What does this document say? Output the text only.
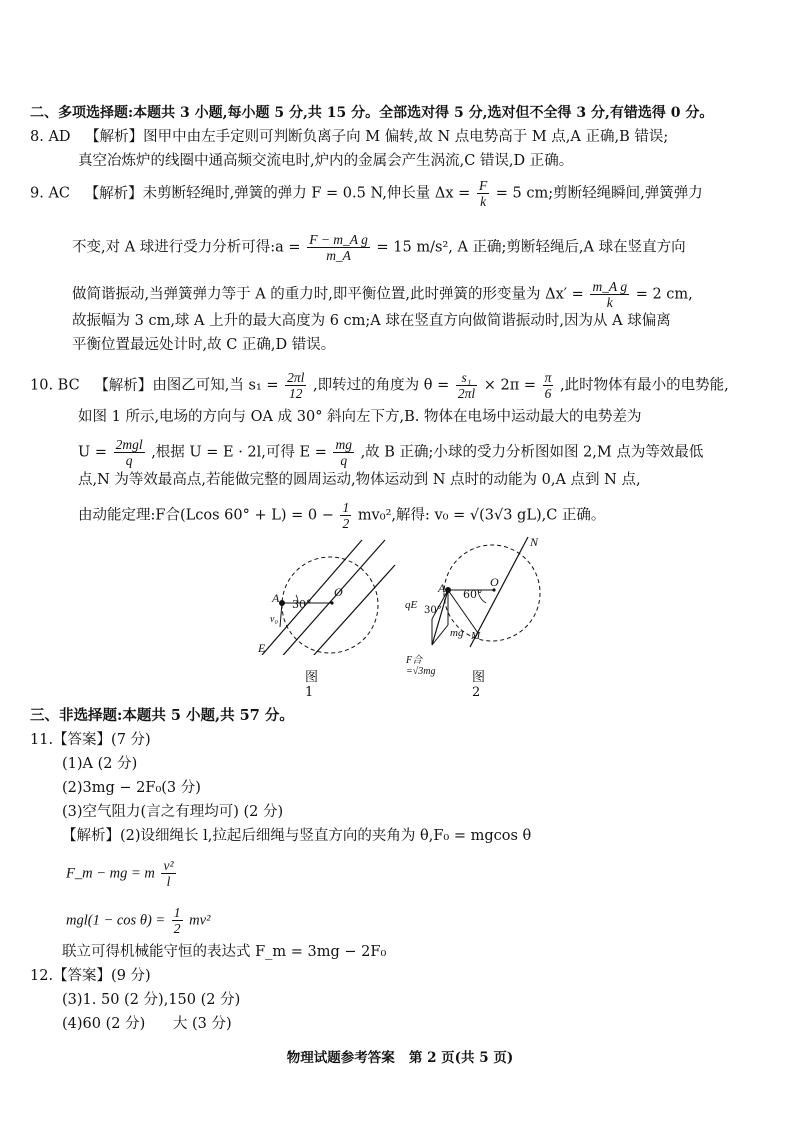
二、多项选择题:本题共 3 小题,每小题 5 分,共 15 分。全部选对得 5 分,选对但不全得 3 分,有错选得 0 分。
8. AD 【解析】图甲中由左手定则可判断负离子向 M 偏转,故 N 点电势高于 M 点,A 正确,B 错误;
真空冶炼炉的线圈中通高频交流电时,炉内的金属会产生涡流,C 错误,D 正确。
9. AC 【解析】未剪断轻绳时,弹簧的弹力 F = 0.5 N,伸长量 $\Delta x = \frac{F}{k} = 5$ cm;剪断轻绳瞬间,弹簧弹力
不变,对 A 球进行受力分析可得:a = $\frac{\text{F − m\_A g}}{m\_A} = 15$ m/s², A 正确;剪断轻绳后,A 球在竖直方向
做简谐振动,当弹簧弹力等于 A 的重力时,即平衡位置,此时弹簧的形变量为 $\Delta x' = \frac{\text{m\_A g}}{k} = 2$ cm,
故振幅为 3 cm,球 A 上升的最大高度为 6 cm;A 球在竖直方向做简谐振动时,因为从 A 球偏离
平衡位置最远处计时,故 C 正确,D 错误。
10. BC 【解析】由图乙可知,当 $s_1 = \frac{2\pi l}{12}$ ,即转过的角度为 $\theta = \frac{\text{s₁}}{2\pi l} \times 2\pi = \frac{\pi}{6}$ ,此时物体有最小的电势能,
如图 1 所示,电场的方向与 OA 成 30° 斜向左下方,B. 物体在电场中运动最大的电势差为
$U = \frac{\text{2mgl}}{q}$ ,根据 U = E · 2l,可得 $E = \frac{mg}{q}$ ,故 B 正确;小球的受力分析图如图 2,M 点为等效最低
点,N 为等效最高点,若能做完整的圆周运动,物体运动到 N 点时的动能为 0,A 点到 N 点,
由动能定理:F合(Lcos $60^\circ + L) = 0 - \frac{1}{2} mv_0^2$,解得: v₀ = √(3√3 gL),C 正确。
A	O
30°
v₀
E
图1
N
A	O
60°
qE 30°
mg M
F合=√3mg	图2
三、非选择题:本题共 5 小题,共 57 分。
11.【答案】(7 分)
(1)A (2 分)
(2)3mg − 2F₀(3 分)
(3)空气阻力(言之有理均可) (2 分)
【解析】(2)设细绳长 l,拉起后细绳与竖直方向的夹角为 θ,F₀ = mgcos θ
F_m − mg = m $\frac{\text{v²}}{l}$
$mgl(1 - \cos \theta) = \frac{1}{2} mv^2$
联立可得机械能守恒的表达式 F_m = 3mg − 2F₀
12.【答案】(9 分)
(3)1. 50 (2 分),150 (2 分)
(4)60 (2 分)      大 (3 分)
物理试题参考答案   第 2 页(共 5 页)
